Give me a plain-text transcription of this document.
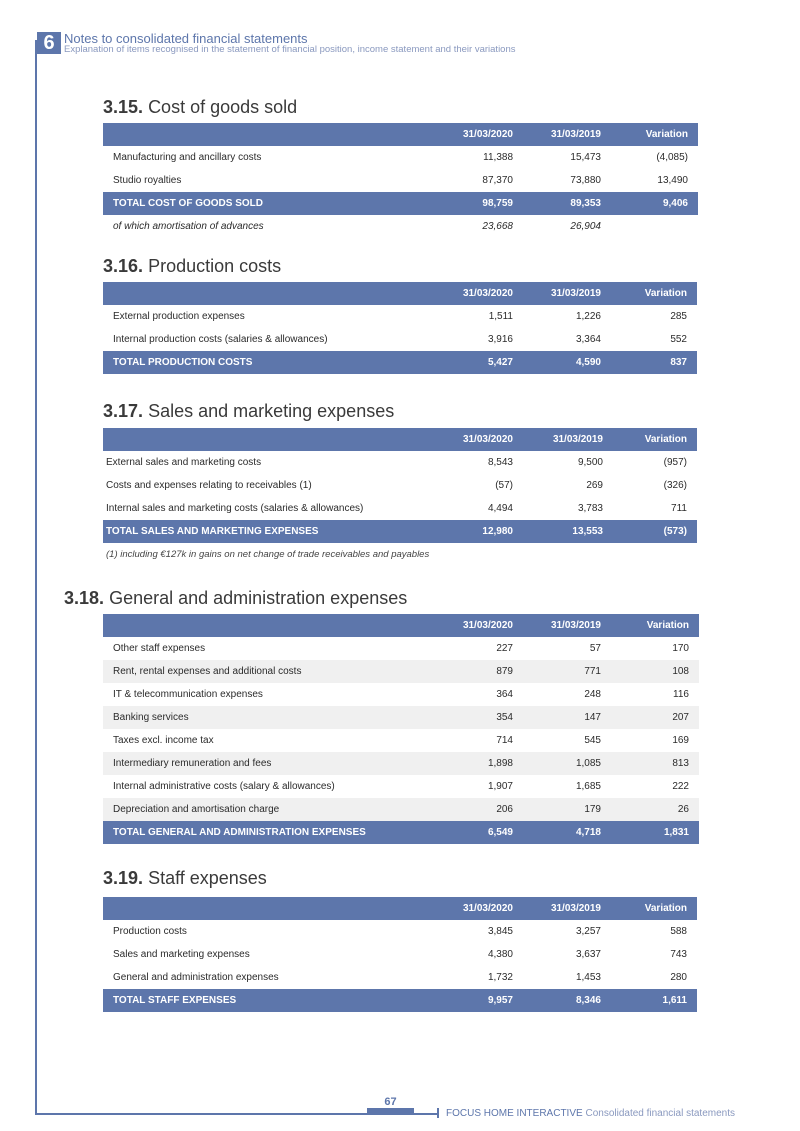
6 Notes to consolidated financial statements
Explanation of items recognised in the statement of financial position, income statement and their variations
3.15. Cost of goods sold
	31/03/2020	31/03/2019	Variation
Manufacturing and ancillary costs	11,388	15,473	(4,085)
Studio royalties	87,370	73,880	13,490
TOTAL COST OF GOODS SOLD	98,759	89,353	9,406
of which amortisation of advances	23,668	26,904	
3.16. Production costs
	31/03/2020	31/03/2019	Variation
External production expenses	1,511	1,226	285
Internal production costs (salaries & allowances)	3,916	3,364	552
TOTAL PRODUCTION COSTS	5,427	4,590	837
3.17. Sales and marketing expenses
	31/03/2020	31/03/2019	Variation
External sales and marketing costs	8,543	9,500	(957)
Costs and expenses relating to receivables (1)	(57)	269	(326)
Internal sales and marketing costs (salaries & allowances)	4,494	3,783	711
TOTAL SALES AND MARKETING EXPENSES	12,980	13,553	(573)
(1) including €127k in gains on net change of trade receivables and payables
3.18. General and administration expenses
	31/03/2020	31/03/2019	Variation
Other staff expenses	227	57	170
Rent, rental expenses and additional costs	879	771	108
IT & telecommunication expenses	364	248	116
Banking services	354	147	207
Taxes excl. income tax	714	545	169
Intermediary remuneration and fees	1,898	1,085	813
Internal administrative costs (salary & allowances)	1,907	1,685	222
Depreciation and amortisation charge	206	179	26
TOTAL GENERAL AND ADMINISTRATION EXPENSES	6,549	4,718	1,831
3.19. Staff expenses
	31/03/2020	31/03/2019	Variation
Production costs	3,845	3,257	588
Sales and marketing expenses	4,380	3,637	743
General and administration expenses	1,732	1,453	280
TOTAL STAFF EXPENSES	9,957	8,346	1,611
67
FOCUS HOME INTERACTIVE Consolidated financial statements
